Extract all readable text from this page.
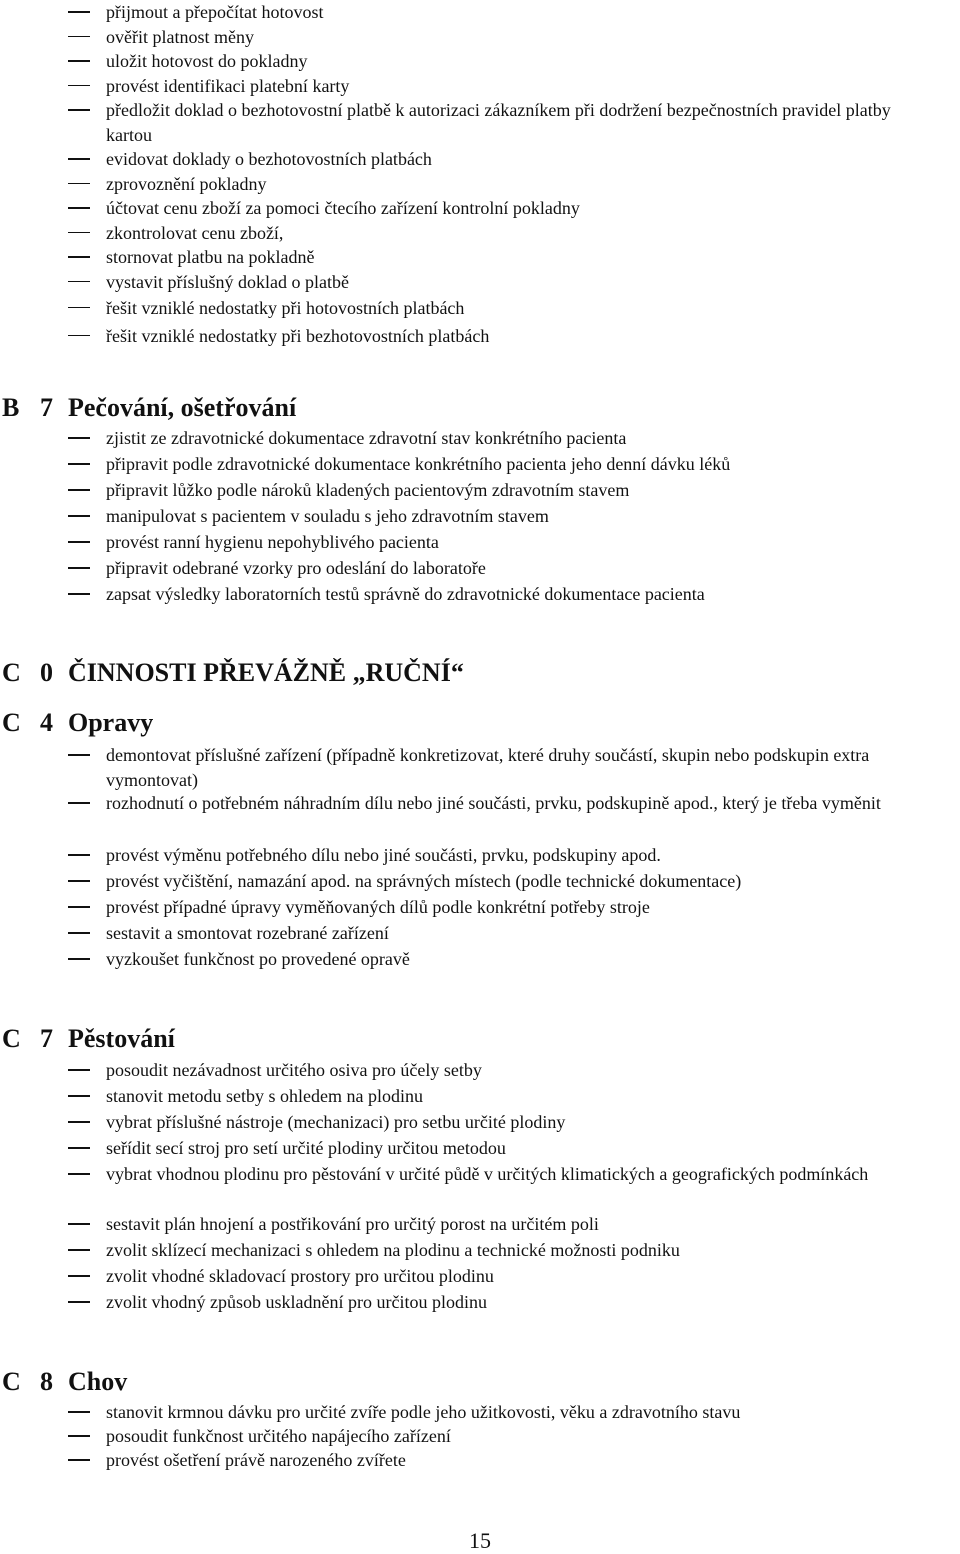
přijmout a přepočítat hotovost
ověřit platnost měny
uložit hotovost do pokladny
provést identifikaci platební karty
předložit doklad o bezhotovostní platbě k autorizaci zákazníkem při dodržení bezpečnostních pravidel platby kartou
evidovat doklady o bezhotovostních platbách
zprovoznění pokladny
účtovat cenu zboží za pomoci čtecího zařízení kontrolní pokladny
zkontrolovat cenu zboží,
stornovat platbu na pokladně
vystavit příslušný doklad o platbě
řešit vzniklé nedostatky při hotovostních platbách
řešit vzniklé nedostatky při bezhotovostních platbách
B 7 Pečování, ošetřování
zjistit ze zdravotnické dokumentace zdravotní stav konkrétního pacienta
připravit podle zdravotnické dokumentace konkrétního pacienta jeho denní dávku léků
připravit lůžko podle nároků kladených pacientovým zdravotním stavem
manipulovat s pacientem v souladu s jeho zdravotním stavem
provést ranní hygienu nepohyblivého pacienta
připravit odebrané vzorky pro odeslání do laboratoře
zapsat výsledky laboratorních testů správně do zdravotnické dokumentace pacienta
C 0 ČINNOSTI PŘEVÁŽNĚ „RUČNÍ“
C 4 Opravy
demontovat příslušné zařízení (případně konkretizovat, které druhy součástí, skupin nebo podskupin extra vymontovat)
rozhodnutí o potřebném náhradním dílu nebo jiné součásti, prvku, podskupině apod., který je třeba vyměnit
provést výměnu potřebného dílu nebo jiné součásti, prvku, podskupiny apod.
provést vyčištění, namazání apod. na správných místech (podle technické dokumentace)
provést případné úpravy vyměňovaných dílů podle konkrétní potřeby stroje
sestavit a smontovat rozebrané zařízení
vyzkoušet funkčnost po provedené opravě
C 7 Pěstování
posoudit nezávadnost určitého osiva pro účely setby
stanovit metodu setby s ohledem na plodinu
vybrat příslušné nástroje (mechanizaci) pro setbu určité plodiny
seřídit secí stroj pro setí určité plodiny určitou metodou
vybrat vhodnou plodinu pro pěstování v určité půdě v určitých klimatických a geografických podmínkách
sestavit plán hnojení a postřikování pro určitý porost na určitém poli
zvolit sklízecí mechanizaci s ohledem na plodinu a technické možnosti podniku
zvolit vhodné skladovací prostory pro určitou plodinu
zvolit vhodný způsob uskladnění pro určitou plodinu
C 8 Chov
stanovit krmnou dávku pro určité zvíře podle jeho užitkovosti, věku a zdravotního stavu
posoudit funkčnost určitého napájecího zařízení
provést ošetření právě narozeného zvířete
15
